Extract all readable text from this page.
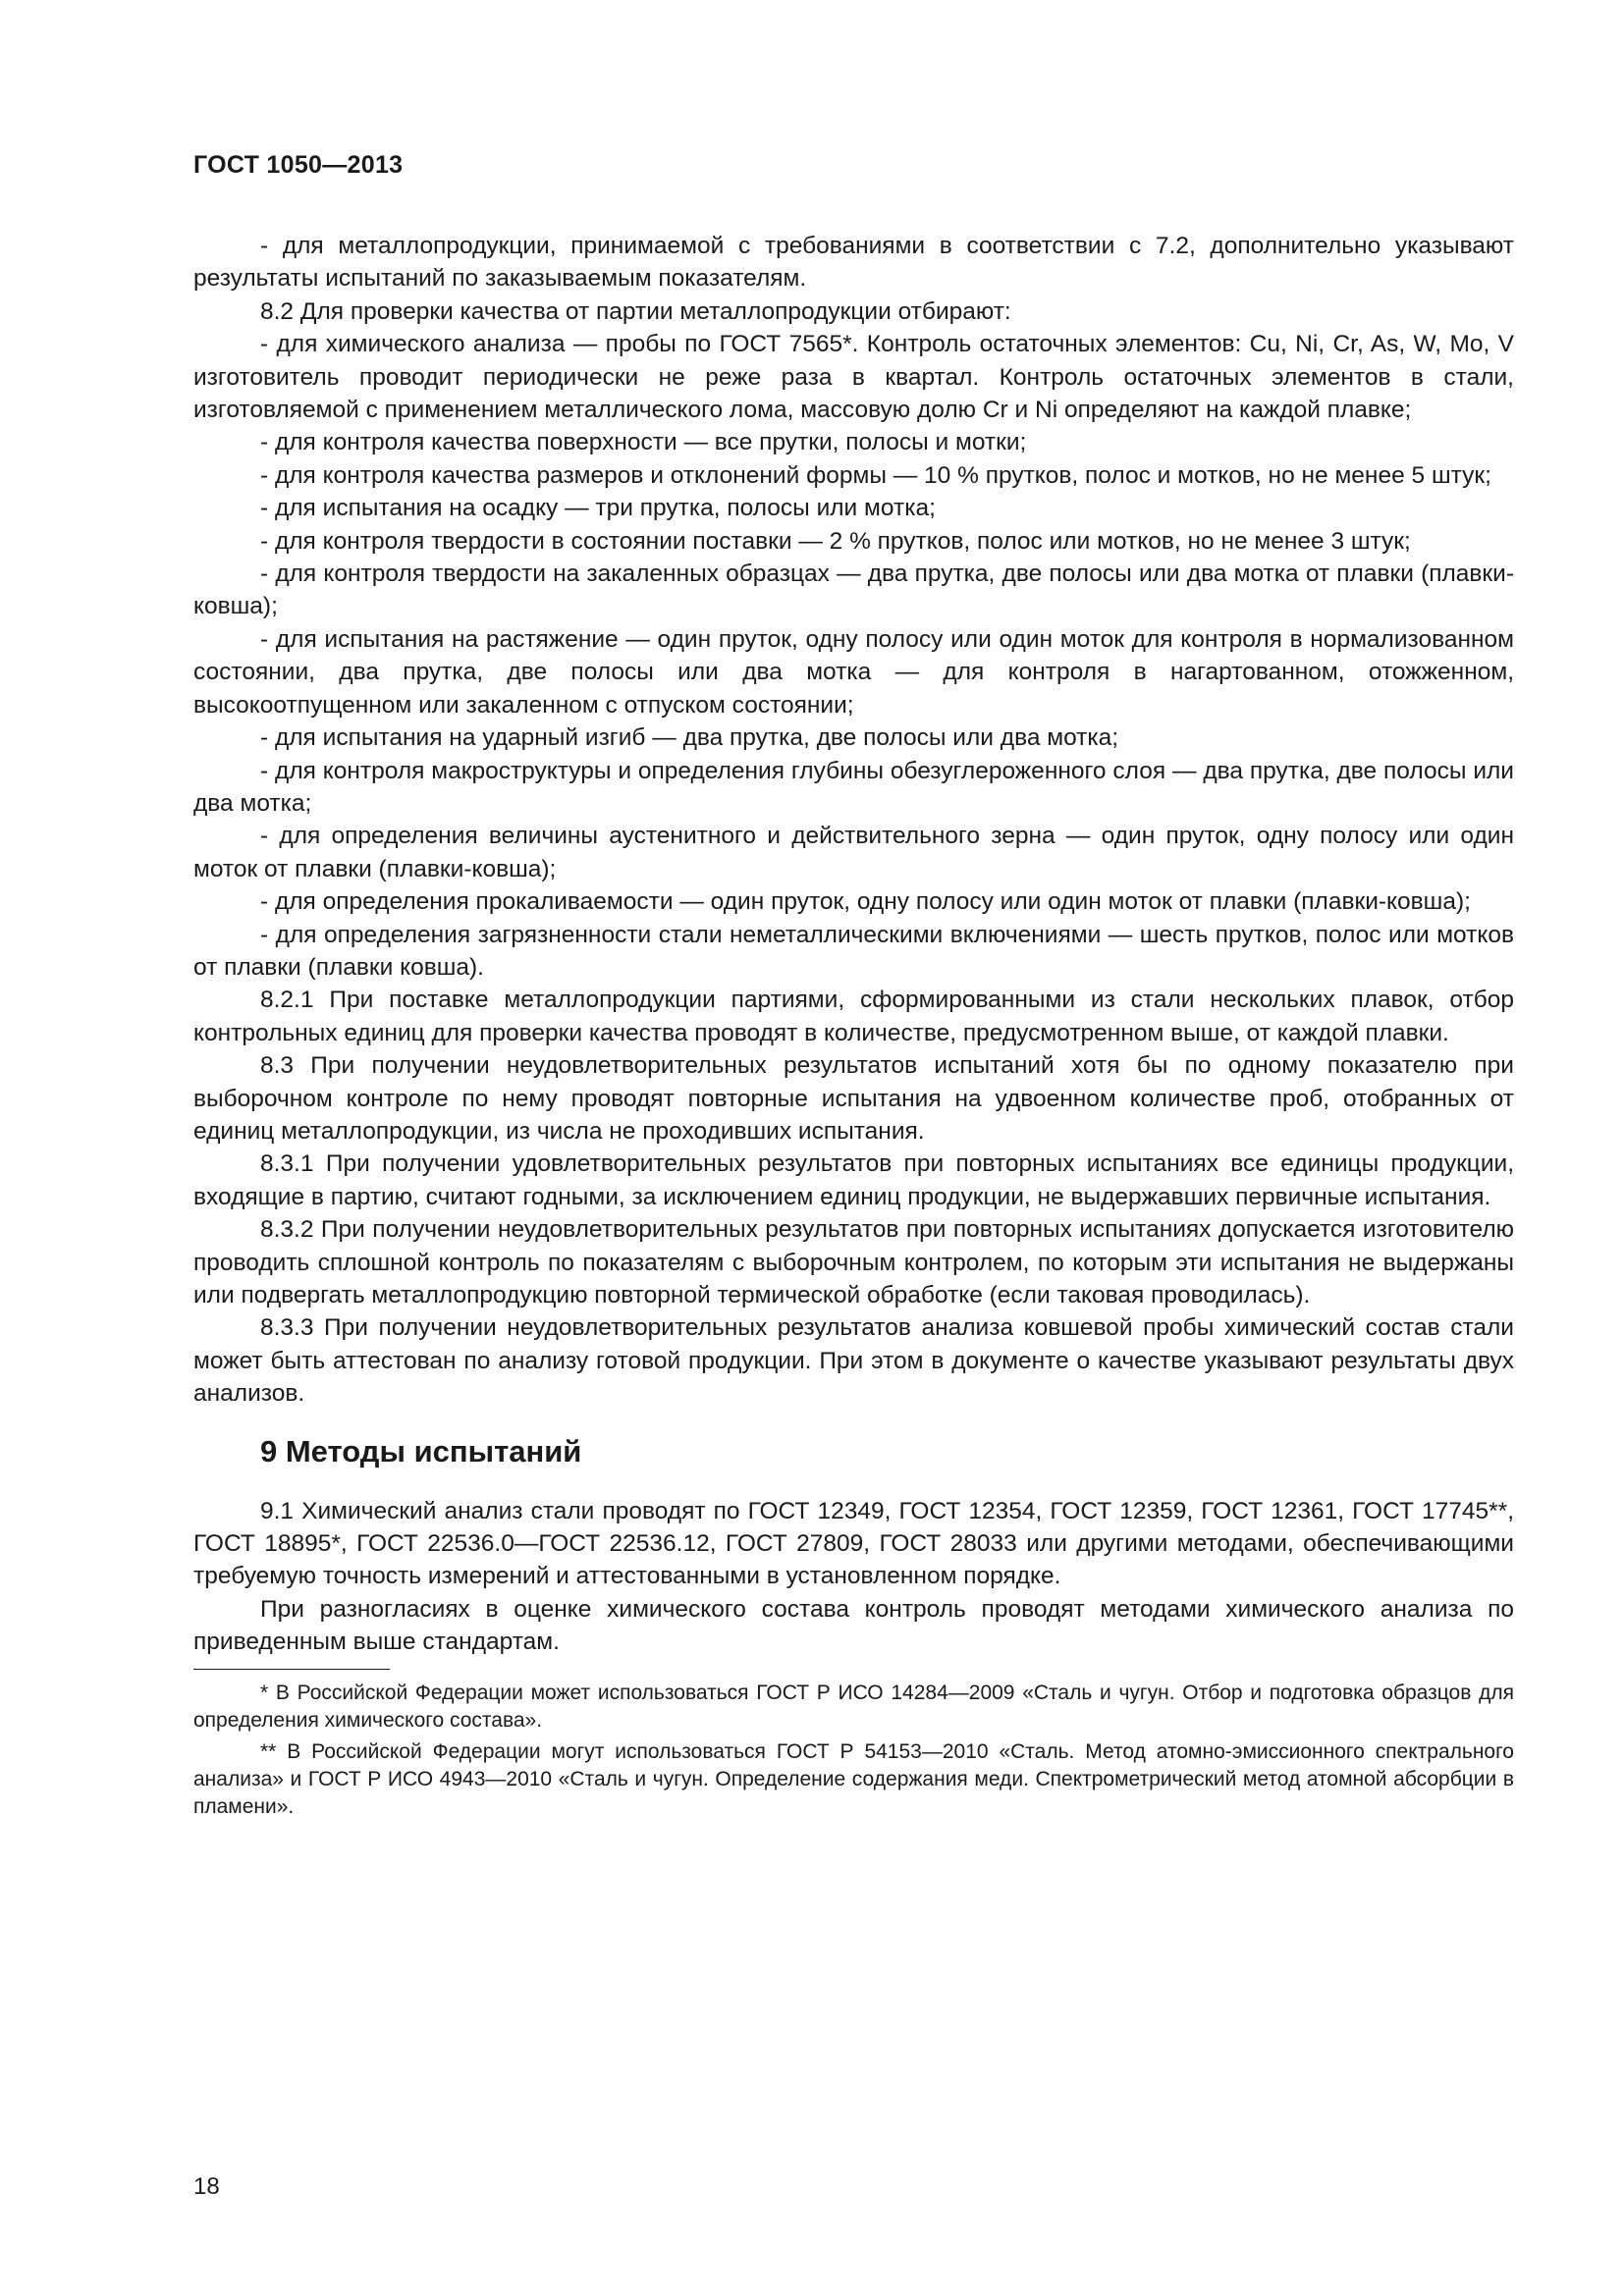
ГОСТ 1050—2013

- для металлопродукции, принимаемой с требованиями в соответствии с 7.2, дополнительно указывают результаты испытаний по заказываемым показателям.

8.2 Для проверки качества от партии металлопродукции отбирают:

- для химического анализа — пробы по ГОСТ 7565*. Контроль остаточных элементов: Cu, Ni, Cr, As, W, Mo, V изготовитель проводит периодически не реже раза в квартал. Контроль остаточных элементов в стали, изготовляемой с применением металлического лома, массовую долю Cr и Ni определяют на каждой плавке;

- для контроля качества поверхности — все прутки, полосы и мотки;

- для контроля качества размеров и отклонений формы — 10 % прутков, полос и мотков, но не менее 5 штук;

- для испытания на осадку — три прутка, полосы или мотка;

- для контроля твердости в состоянии поставки — 2 % прутков, полос или мотков, но не менее 3 штук;

- для контроля твердости на закаленных образцах — два прутка, две полосы или два мотка от плавки (плавки-ковша);

- для испытания на растяжение — один пруток, одну полосу или один моток для контроля в нормализованном состоянии, два прутка, две полосы или два мотка — для контроля в нагартованном, отожженном, высокоотпущенном или закаленном с отпуском состоянии;

- для испытания на ударный изгиб — два прутка, две полосы или два мотка;

- для контроля макроструктуры и определения глубины обезуглероженного слоя — два прутка, две полосы или два мотка;

- для определения величины аустенитного и действительного зерна — один пруток, одну полосу или один моток от плавки (плавки-ковша);

- для определения прокаливаемости — один пруток, одну полосу или один моток от плавки (плавки-ковша);

- для определения загрязненности стали неметаллическими включениями — шесть прутков, полос или мотков от плавки (плавки ковша).

8.2.1 При поставке металлопродукции партиями, сформированными из стали нескольких плавок, отбор контрольных единиц для проверки качества проводят в количестве, предусмотренном выше, от каждой плавки.

8.3 При получении неудовлетворительных результатов испытаний хотя бы по одному показателю при выборочном контроле по нему проводят повторные испытания на удвоенном количестве проб, отобранных от единиц металлопродукции, из числа не проходивших испытания.

8.3.1 При получении удовлетворительных результатов при повторных испытаниях все единицы продукции, входящие в партию, считают годными, за исключением единиц продукции, не выдержавших первичные испытания.

8.3.2 При получении неудовлетворительных результатов при повторных испытаниях допускается изготовителю проводить сплошной контроль по показателям с выборочным контролем, по которым эти испытания не выдержаны или подвергать металлопродукцию повторной термической обработке (если таковая проводилась).

8.3.3 При получении неудовлетворительных результатов анализа ковшевой пробы химический состав стали может быть аттестован по анализу готовой продукции. При этом в документе о качестве указывают результаты двух анализов.

9 Методы испытаний

9.1 Химический анализ стали проводят по ГОСТ 12349, ГОСТ 12354, ГОСТ 12359, ГОСТ 12361, ГОСТ 17745**, ГОСТ 18895*, ГОСТ 22536.0—ГОСТ 22536.12, ГОСТ 27809, ГОСТ 28033 или другими методами, обеспечивающими требуемую точность измерений и аттестованными в установленном порядке.

При разногласиях в оценке химического состава контроль проводят методами химического анализа по приведенным выше стандартам.

* В Российской Федерации может использоваться ГОСТ Р ИСО 14284—2009 «Сталь и чугун. Отбор и подготовка образцов для определения химического состава».

** В Российской Федерации могут использоваться ГОСТ Р 54153—2010 «Сталь. Метод атомно-эмиссионного спектрального анализа» и ГОСТ Р ИСО 4943—2010 «Сталь и чугун. Определение содержания меди. Спектрометрический метод атомной абсорбции в пламени».

18
